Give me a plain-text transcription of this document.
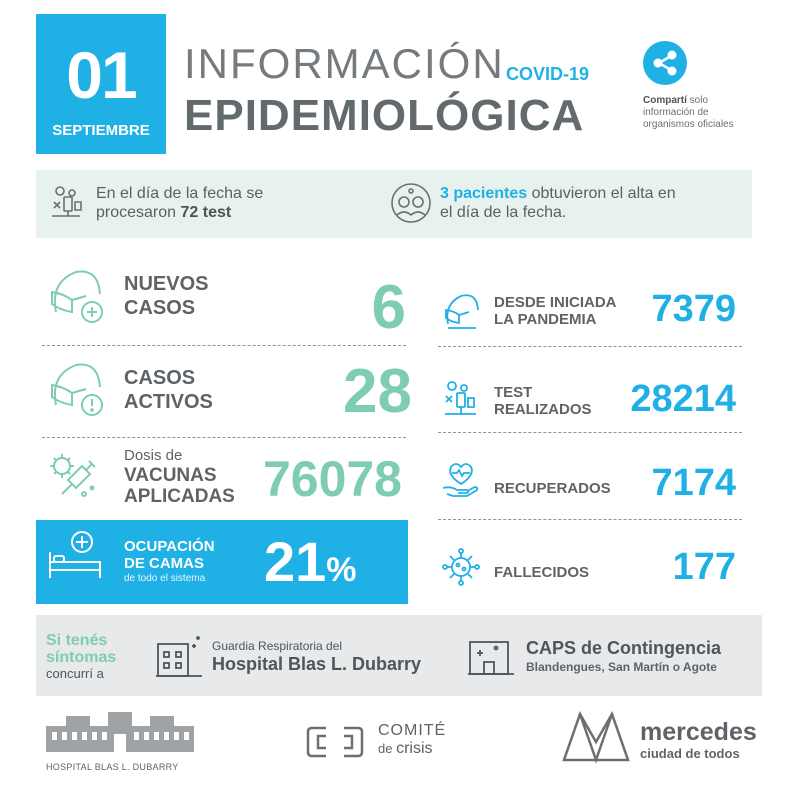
01
SEPTIEMBRE
INFORMACIÓN COVID-19
EPIDEMIOLÓGICA	Compartí solo
información de
organismos oficiales
En el día de la fecha se
procesaron 72 test
3 pacientes obtuvieron el alta en
el día de la fecha.
NUEVOS
CASOS	6
CASOS
ACTIVOS	28
Dosis de
VACUNAS
APLICADAS 76078
OCUPACIÓN
DE CAMAS
de todo el sistema 21%
DESDE INICIADA
LA PANDEMIA	7379
TEST
REALIZADOS	28214
RECUPERADOS	7174
FALLECIDOS	177
Si tenés
síntomas
concurrí a
Guardia Respiratoria del
Hospital Blas L. Dubarry
CAPS de Contingencia
Blandengues, San Martín o Agote
HOSPITAL BLAS L. DUBARRY
COMITÉ
de crisis
mercedes
ciudad de todos
